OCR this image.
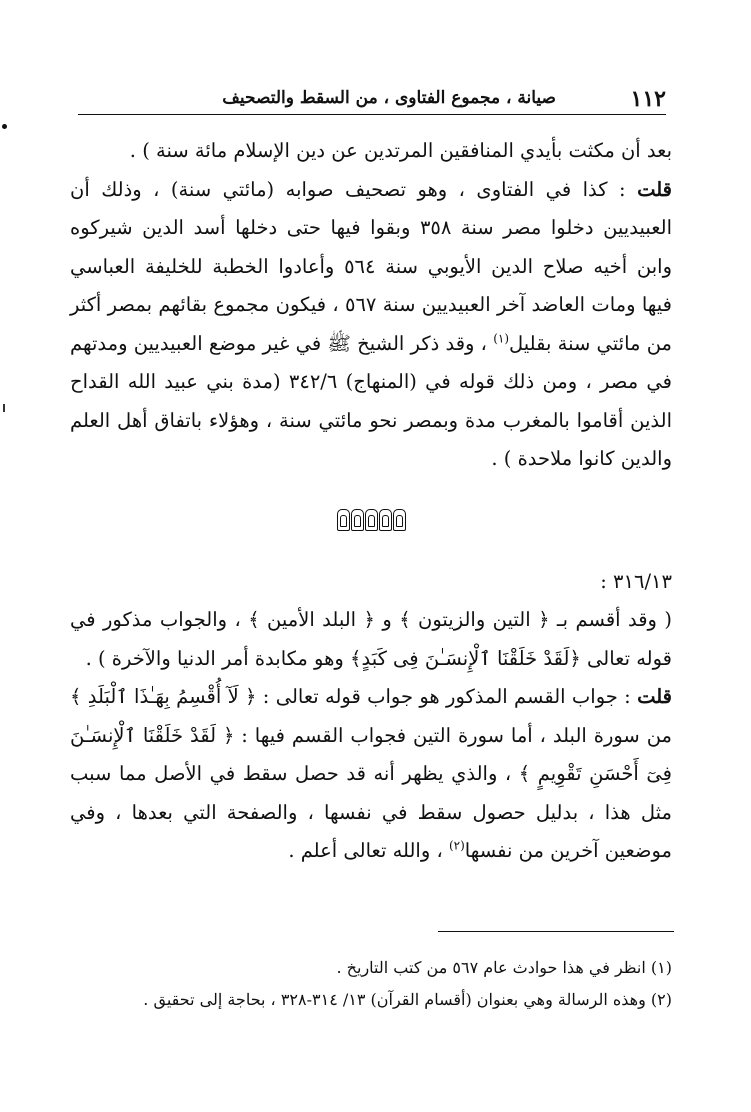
١١٢
صيانة ، مجموع الفتاوى ، من السقط والتصحيف

بعد أن مكثت بأيدي المنافقين المرتدين عن دين الإسلام مائة سنة ) .

قلت : كذا في الفتاوى ، وهو تصحيف صوابه (مائتي سنة) ، وذلك أن العبيديين دخلوا مصر سنة ٣٥٨ وبقوا فيها حتى دخلها أسد الدين شيركوه وابن أخيه صلاح الدين الأيوبي سنة ٥٦٤ وأعادوا الخطبة للخليفة العباسي فيها ومات العاضد آخر العبيديين سنة ٥٦٧ ، فيكون مجموع بقائهم بمصر أكثر من مائتي سنة بقليل$^{(١)}$ ، وقد ذكر الشيخ ﷺ في غير موضع العبيديين ومدتهم في مصر ، ومن ذلك قوله في (المنهاج) ٣٤٢/٦ (مدة بني عبيد الله القداح الذين أقاموا بالمغرب مدة وبمصر نحو مائتي سنة ، وهؤلاء باتفاق أهل العلم والدين كانوا ملاحدة ) .

٣١٦/١٣ :

( وقد أقسم بـ ﴿ التين والزيتون ﴾ و ﴿ البلد الأمين ﴾ ، والجواب مذكور في قوله تعالى ﴿لَقَدْ خَلَقْنَا ٱلْإِنسَـٰنَ فِى كَبَدٍ﴾ وهو مكابدة أمر الدنيا والآخرة ) .

قلت : جواب القسم المذكور هو جواب قوله تعالى : ﴿ لَآ أُقْسِمُ بِهَـٰذَا ٱلْبَلَدِ ﴾ من سورة البلد ، أما سورة التين فجواب القسم فيها : ﴿ لَقَدْ خَلَقْنَا ٱلْإِنسَـٰنَ فِىٓ أَحْسَنِ تَقْوِيمٍ ﴾ ، والذي يظهر أنه قد حصل سقط في الأصل مما سبب مثل هذا ، بدليل حصول سقط في نفسها ، والصفحة التي بعدها ، وفي موضعين آخرين من نفسها$^{(٢)}$ ، والله تعالى أعلم .

(١) انظر في هذا حوادث عام ٥٦٧ من كتب التاريخ .

(٢) وهذه الرسالة وهي بعنوان (أقسام القرآن) ١٣/ ٣١٤-٣٢٨ ، بحاجة إلى تحقيق .
